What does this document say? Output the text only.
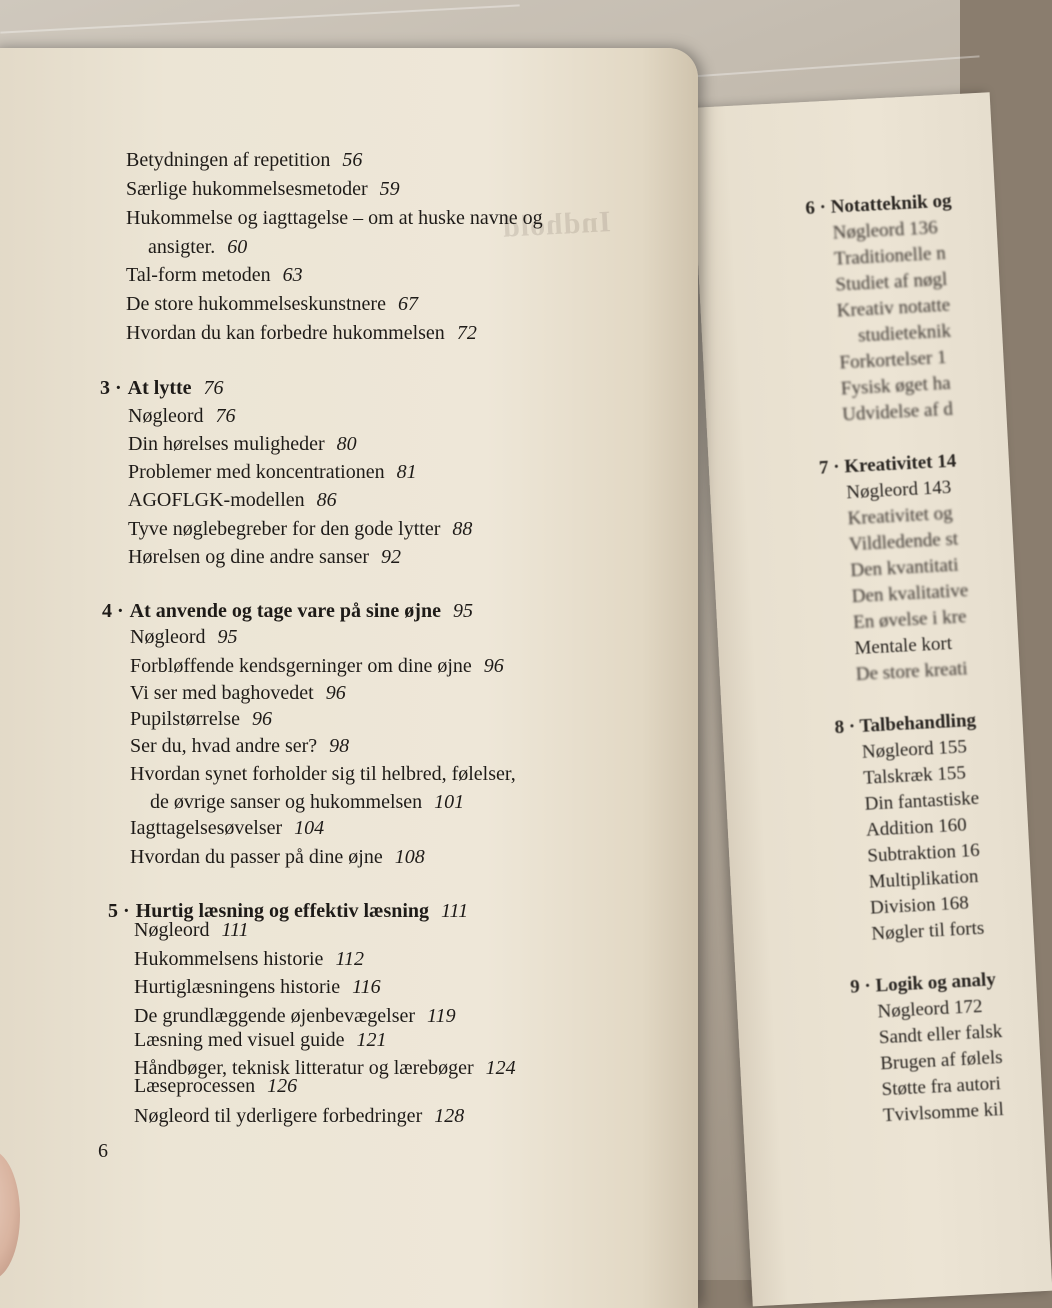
6 · Notatteknik og
Nøgleord 136
Traditionelle n
Studiet af nøgl
Kreativ notatte
studieteknik
Forkortelser 1
Fysisk øget ha
Udvidelse af d
7 · Kreativitet 14
Nøgleord 143
Kreativitet og
Vildledende st
Den kvantitati
Den kvalitative
En øvelse i kre
Mentale kort
De store kreati
8 · Talbehandling
Nøgleord 155
Talskræk 155
Din fantastiske
Addition 160
Subtraktion 16
Multiplikation
Division 168
Nøgler til forts
9 · Logik og analy
Nøgleord 172
Sandt eller falsk
Brugen af følels
Støtte fra autori
Tvivlsomme kil
Indhold
Betydningen af repetition 56
Særlige hukommelsesmetoder 59
Hukommelse og iagttagelse – om at huske navne og
ansigter. 60
Tal-form metoden 63
De store hukommelseskunstnere 67
Hvordan du kan forbedre hukommelsen 72
3 · At lytte 76
Nøgleord 76
Din hørelses muligheder 80
Problemer med koncentrationen 81
AGOFLGK-modellen 86
Tyve nøglebegreber for den gode lytter 88
Hørelsen og dine andre sanser 92
4 · At anvende og tage vare på sine øjne 95
Nøgleord 95
Forbløffende kendsgerninger om dine øjne 96
Vi ser med baghovedet 96
Pupilstørrelse 96
Ser du, hvad andre ser? 98
Hvordan synet forholder sig til helbred, følelser,
de øvrige sanser og hukommelsen 101
Iagttagelsesøvelser 104
Hvordan du passer på dine øjne 108
5 · Hurtig læsning og effektiv læsning 111
Nøgleord 111
Hukommelsens historie 112
Hurtiglæsningens historie 116
De grundlæggende øjenbevægelser 119
Læsning med visuel guide 121
Håndbøger, teknisk litteratur og lærebøger 124
Læseprocessen 126
Nøgleord til yderligere forbedringer 128
6
